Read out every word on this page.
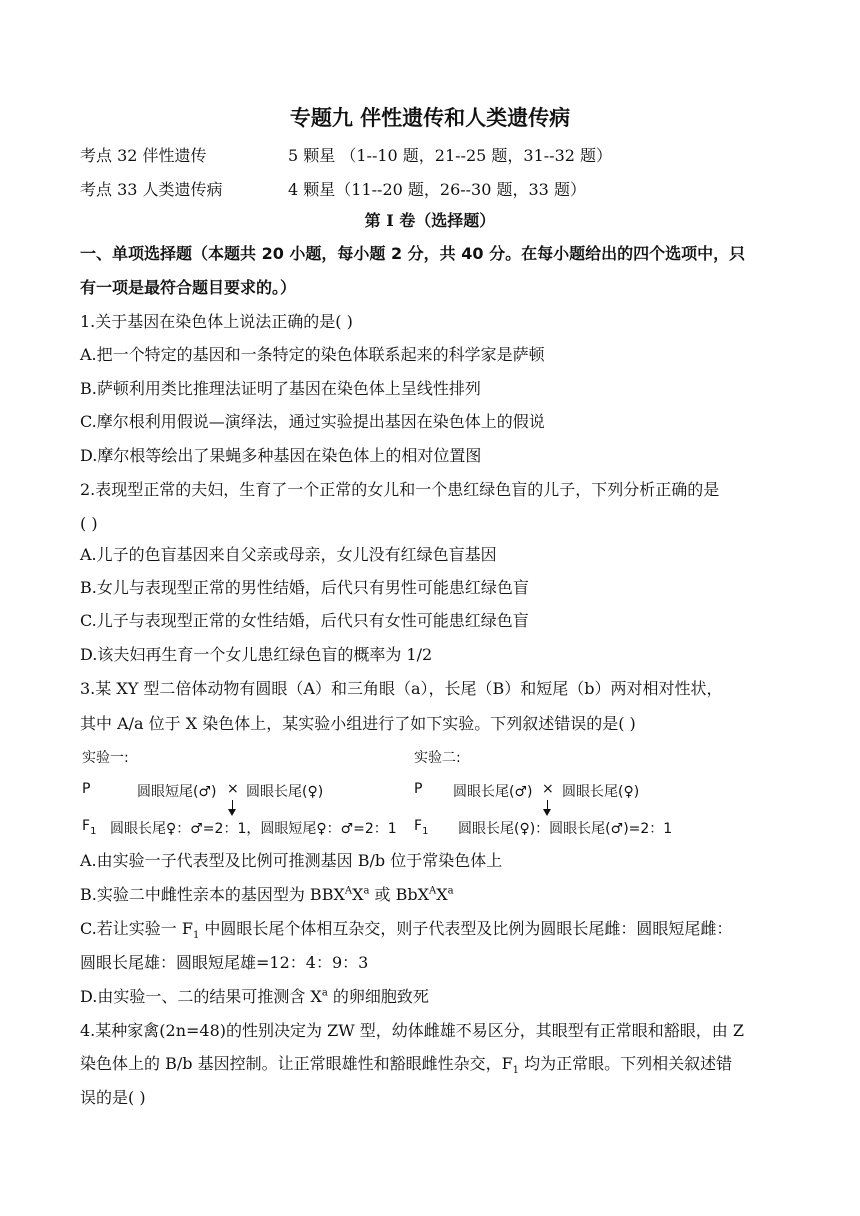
专题九 伴性遗传和人类遗传病
考点 32 伴性遗传	5 颗星 （1--10 题，21--25 题，31--32 题）
考点 33 人类遗传病	4 颗星（11--20 题，26--30 题，33 题）
第 I 卷（选择题）
一、单项选择题（本题共 20 小题，每小题 2 分，共 40 分。在每小题给出的四个选项中，只
有一项是最符合题目要求的。）
1.关于基因在染色体上说法正确的是( )
A.把一个特定的基因和一条特定的染色体联系起来的科学家是萨顿
B.萨顿利用类比推理法证明了基因在染色体上呈线性排列
C.摩尔根利用假说—演绎法，通过实验提出基因在染色体上的假说
D.摩尔根等绘出了果蝇多种基因在染色体上的相对位置图
2.表现型正常的夫妇，生育了一个正常的女儿和一个患红绿色盲的儿子，下列分析正确的是
( )
A.儿子的色盲基因来自父亲或母亲，女儿没有红绿色盲基因
B.女儿与表现型正常的男性结婚，后代只有男性可能患红绿色盲
C.儿子与表现型正常的女性结婚，后代只有女性可能患红绿色盲
D.该夫妇再生育一个女儿患红绿色盲的概率为 1/2
3.某 XY 型二倍体动物有圆眼（A）和三角眼（a），长尾（B）和短尾（b）两对相对性状，
其中 A/a 位于 X 染色体上，某实验小组进行了如下实验。下列叙述错误的是( )
实验一:
P	圆眼短尾(♂) × 圆眼长尾(♀)
$F_1$ 圆眼长尾♀：♂=2：1，圆眼短尾♀：♂=2：1
实验二:
P 圆眼长尾(♂) × 圆眼长尾(♀)
$F_1$ 圆眼长尾(♀)：圆眼长尾(♂)=2：1
A.由实验一子代表型及比例可推测基因 B/b 位于常染色体上
B.实验二中雌性亲本的基因型为 $BBX^AX^a$ 或 $BbX^AX^a$
C.若让实验一 $F_1$ 中圆眼长尾个体相互杂交，则子代表型及比例为圆眼长尾雌：圆眼短尾雌：
圆眼长尾雄：圆眼短尾雄=12：4：9：3
D.由实验一、二的结果可推测含 $X^a$ 的卵细胞致死
4.某种家禽(2n=48)的性别决定为 ZW 型，幼体雌雄不易区分，其眼型有正常眼和豁眼，由 Z
染色体上的 B/b 基因控制。让正常眼雄性和豁眼雌性杂交，$F_1$ 均为正常眼。下列相关叙述错
误的是( )
